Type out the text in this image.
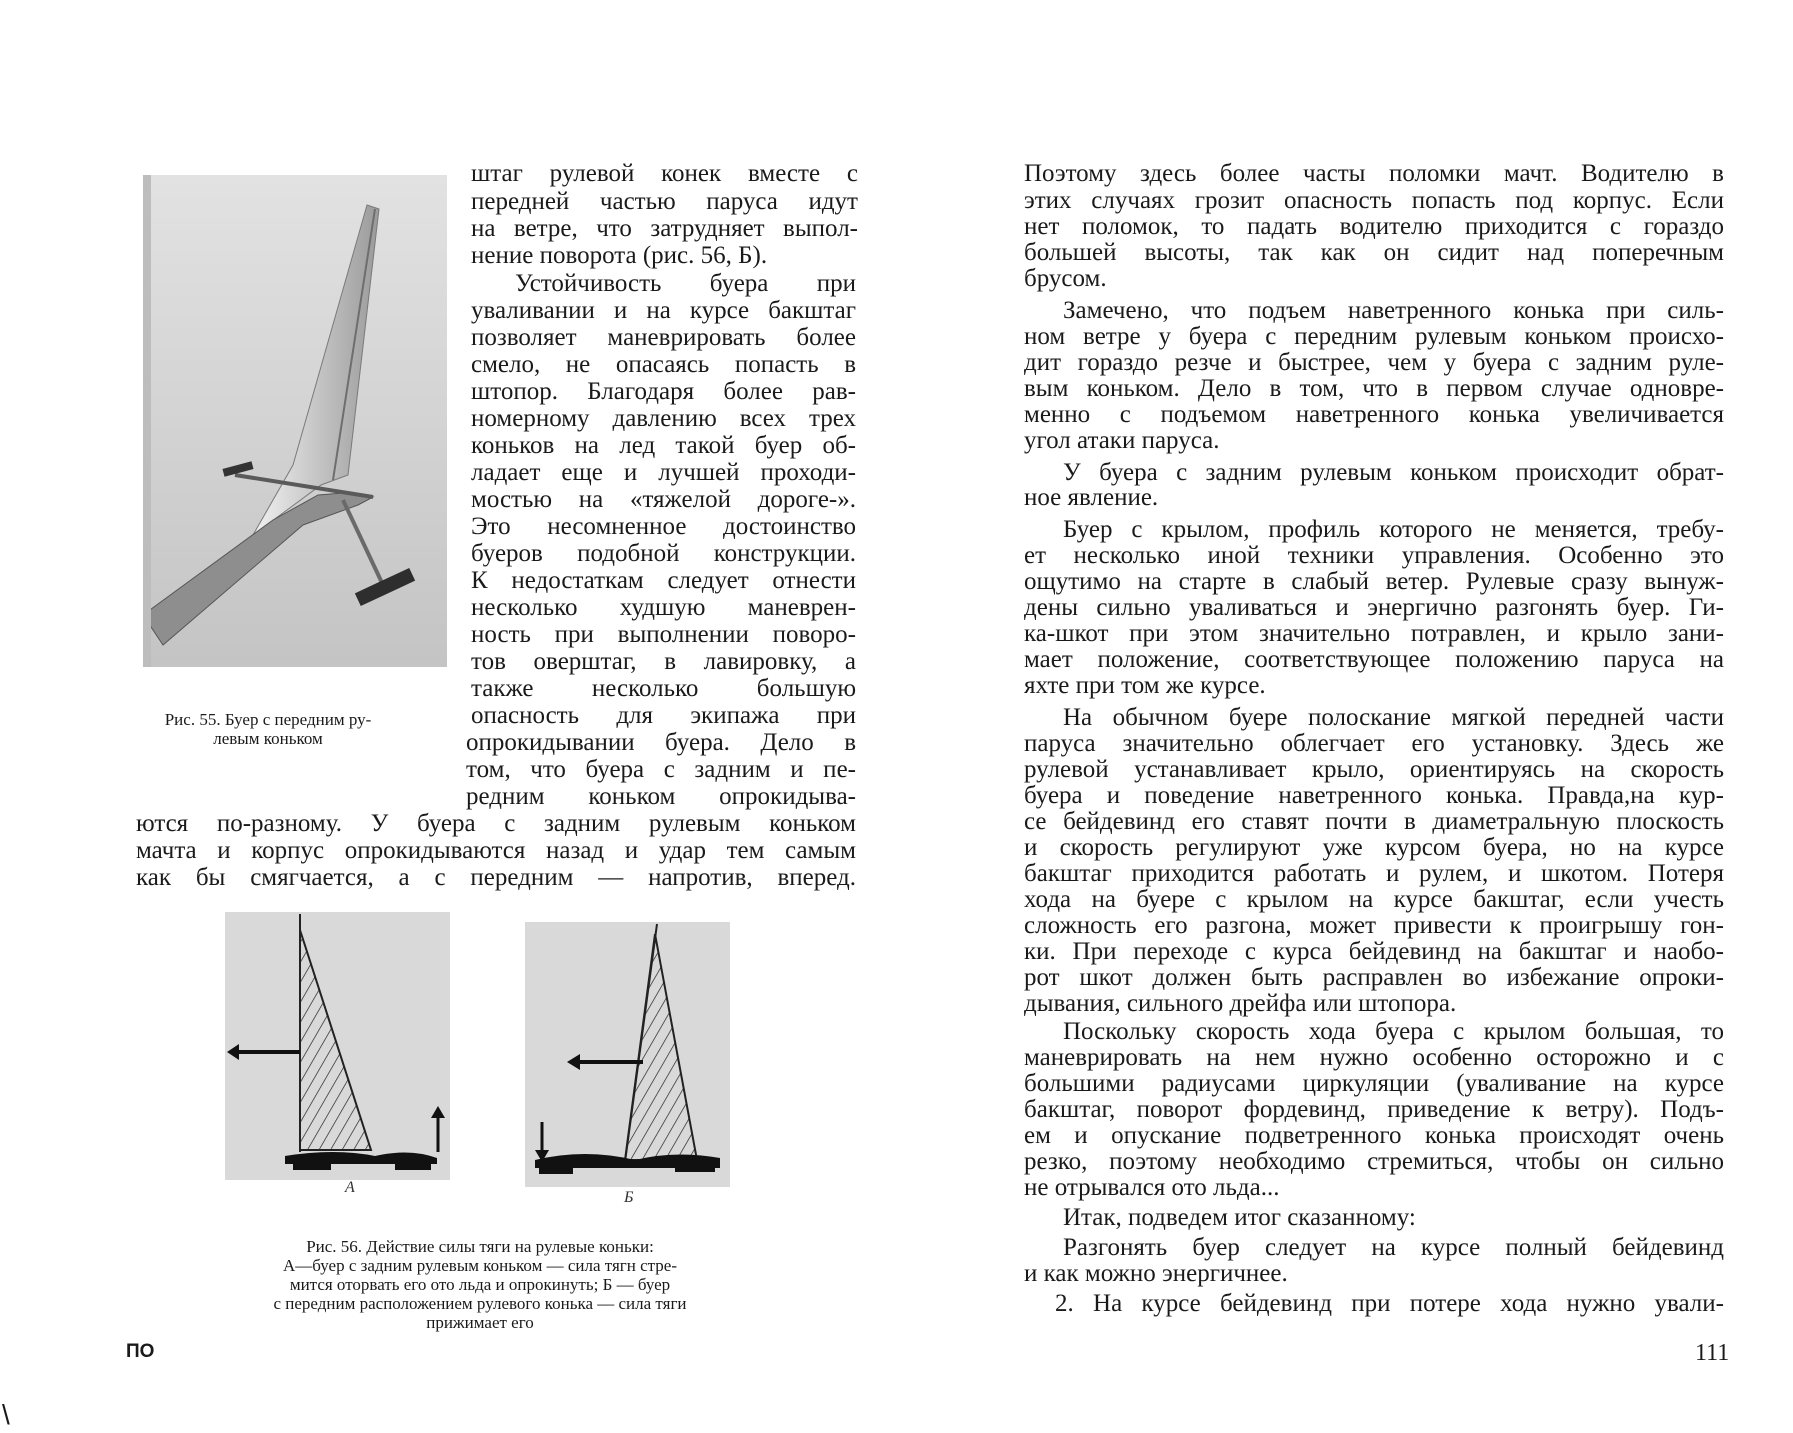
Рис. 55. Буер с передним ру-
левым коньком
штаг рулевой конек вместе с
передней частью паруса идут
на ветре, что затрудняет выпол-
нение поворота (рис. 56, Б).
Устойчивость буера при
уваливании и на курсе бакштаг
позволяет маневрировать более
смело, не опасаясь попасть в
штопор. Благодаря более рав-
номерному давлению всех трех
коньков на лед такой буер об-
ладает еще и лучшей проходи-
мостью на «тяжелой дороге-».
Это несомненное достоинство
буеров подобной конструкции.
К недостаткам следует отнести
несколько худшую маневрен-
ность при выполнении поворо-
тов оверштаг, в лавировку, а
также несколько большую
опасность для экипажа при
опрокидывании буера. Дело в
том, что буера с задним и пе-
редним коньком опрокидыва-
ются по-разному. У буера с задним рулевым коньком
мачта и корпус опрокидываются назад и удар тем самым
как бы смягчается, а с передним — напротив, вперед.
А
Б
Рис. 56. Действие силы тяги на рулевые коньки:
А—буер с задним рулевым коньком — сила тягн стре-
мится оторвать его ото льда и опрокинуть; Б — буер
с передним расположением рулевого конька — сила тяги
прижимает его
ПО
\
Поэтому здесь более часты поломки мачт. Водителю в
этих случаях грозит опасность попасть под корпус. Если
нет поломок, то падать водителю приходится с гораздо
большей высоты, так как он сидит над поперечным
брусом.
Замечено, что подъем наветренного конька при силь-
ном ветре у буера с передним рулевым коньком происхо-
дит гораздо резче и быстрее, чем у буера с задним руле-
вым коньком. Дело в том, что в первом случае одновре-
менно с подъемом наветренного конька увеличивается
угол атаки паруса.
У буера с задним рулевым коньком происходит обрат-
ное явление.
Буер с крылом, профиль которого не меняется, требу-
ет несколько иной техники управления. Особенно это
ощутимо на старте в слабый ветер. Рулевые сразу вынуж-
дены сильно уваливаться и энергично разгонять буер. Ги-
ка-шкот при этом значительно потравлен, и крыло зани-
мает положение, соответствующее положению паруса на
яхте при том же курсе.
На обычном буере полоскание мягкой передней части
паруса значительно облегчает его установку. Здесь же
рулевой устанавливает крыло, ориентируясь на скорость
буера и поведение наветренного конька. Правда,на кур-
се бейдевинд его ставят почти в диаметральную плоскость
и скорость регулируют уже курсом буера, но на курсе
бакштаг приходится работать и рулем, и шкотом. Потеря
хода на буере с крылом на курсе бакштаг, если учесть
сложность его разгона, может привести к проигрышу гон-
ки. При переходе с курса бейдевинд на бакштаг и наобо-
рот шкот должен быть расправлен во избежание опроки-
дывания, сильного дрейфа или штопора.
Поскольку скорость хода буера с крылом большая, то
маневрировать на нем нужно особенно осторожно и с
большими радиусами циркуляции (уваливание на курсе
бакштаг, поворот фордевинд, приведение к ветру). Подъ-
ем и опускание подветренного конька происходят очень
резко, поэтому необходимо стремиться, чтобы он сильно
не отрывался ото льда...
Итак, подведем итог сказанному:
Разгонять буер следует на курсе полный бейдевинд
и как можно энергичнее.
2. На курсе бейдевинд при потере хода нужно ували-
111
